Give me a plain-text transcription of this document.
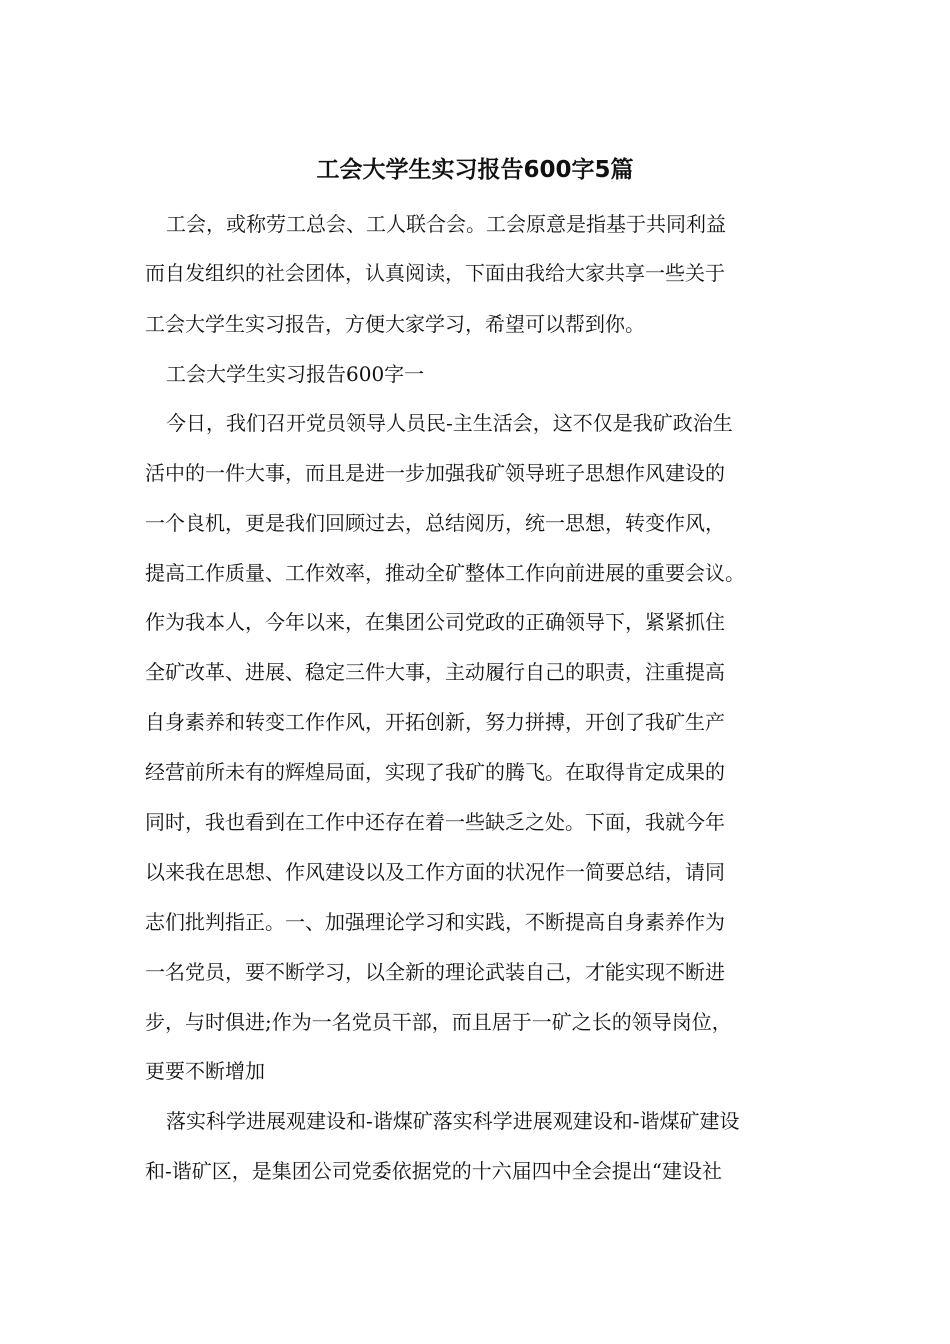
工会大学生实习报告600字5篇

工会，或称劳工总会、工人联合会。工会原意是指基于共同利益

而自发组织的社会团体，认真阅读，下面由我给大家共享一些关于

工会大学生实习报告，方便大家学习，希望可以帮到你。

工会大学生实习报告600字一

今日，我们召开党员领导人员民-主生活会，这不仅是我矿政治生

活中的一件大事，而且是进一步加强我矿领导班子思想作风建设的

一个良机，更是我们回顾过去，总结阅历，统一思想，转变作风，

提高工作质量、工作效率，推动全矿整体工作向前进展的重要会议。

作为我本人，今年以来，在集团公司党政的正确领导下，紧紧抓住

全矿改革、进展、稳定三件大事，主动履行自己的职责，注重提高

自身素养和转变工作作风，开拓创新，努力拼搏，开创了我矿生产

经营前所未有的辉煌局面，实现了我矿的腾飞。在取得肯定成果的

同时，我也看到在工作中还存在着一些缺乏之处。下面，我就今年

以来我在思想、作风建设以及工作方面的状况作一简要总结，请同

志们批判指正。一、加强理论学习和实践，不断提高自身素养作为

一名党员，要不断学习，以全新的理论武装自己，才能实现不断进

步，与时俱进;作为一名党员干部，而且居于一矿之长的领导岗位，

更要不断增加

落实科学进展观建设和-谐煤矿落实科学进展观建设和-谐煤矿建设

和-谐矿区，是集团公司党委依据党的十六届四中全会提出“建设社
